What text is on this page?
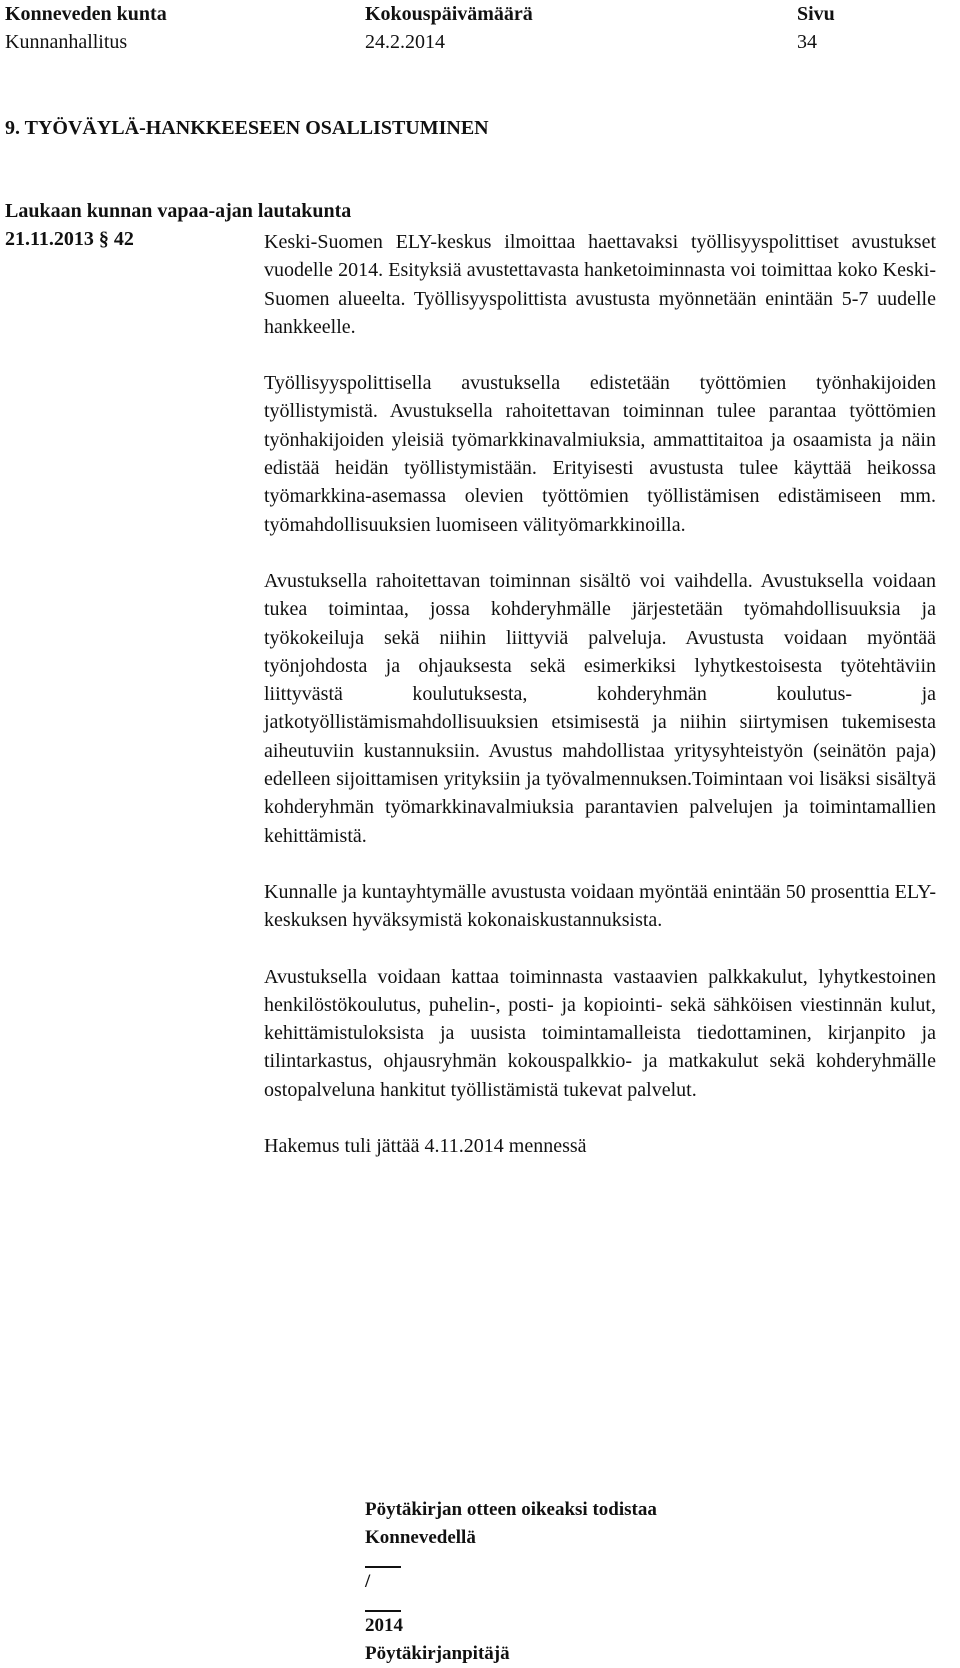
Konneveden kunta
Kunnanhallitus
Kokouspäivämäärä
24.2.2014
Sivu
34
9. TYÖVÄYLÄ-HANKKEESEEN OSALLISTUMINEN
Laukaan kunnan vapaa-ajan lautakunta
21.11.2013 § 42	Keski-Suomen ELY-keskus ilmoittaa haettavaksi työllisyyspolittiset avustukset vuodelle 2014. Esityksiä avustettavasta hanketoiminnasta voi toimittaa koko Keski-Suomen alueelta. Työllisyyspolittista avustusta myönnetään enintään 5-7 uudelle hankkeelle.

Työllisyyspolittisella avustuksella edistetään työttömien työnhakijoiden työllistymistä. Avustuksella rahoitettavan toiminnan tulee parantaa työttömien työnhakijoiden yleisiä työmarkkinavalmiuksia, ammattitaitoa ja osaamista ja näin edistää heidän työllistymistään. Erityisesti avustusta tulee käyttää heikossa työmarkkina-asemassa olevien työttömien työllistämisen edistämiseen mm. työmahdollisuuksien luomiseen välityömarkkinoilla.

Avustuksella rahoitettavan toiminnan sisältö voi vaihdella. Avustuksella voidaan tukea toimintaa, jossa kohderyhmälle järjestetään työmahdollisuuksia ja työkokeiluja sekä niihin liittyviä palveluja. Avustusta voidaan myöntää työnjohdosta ja ohjauksesta sekä esimerkiksi lyhytkestoisesta työtehtäviin liittyvästä koulutuksesta, kohderyhmän koulutus- ja jatkotyöllistämismahdollisuuksien etsimisestä ja niihin siirtymisen tukemisesta aiheutuviin kustannuksiin. Avustus mahdollistaa yritysyhteistyön (seinätön paja) edelleen sijoittamisen yrityksiin ja työvalmennuksen.Toimintaan voi lisäksi sisältyä kohderyhmän työmarkkinavalmiuksia parantavien palvelujen ja toimintamallien kehittämistä.

Kunnalle ja kuntayhtymälle avustusta voidaan myöntää enintään 50 prosenttia ELY-keskuksen hyväksymistä kokonaiskustannuksista.

Avustuksella voidaan kattaa toiminnasta vastaavien palkkakulut, lyhytkestoinen henkilöstökoulutus, puhelin-, posti- ja kopiointi- sekä sähköisen viestinnän kulut, kehittämistuloksista ja uusista toimintamalleista tiedottaminen, kirjanpito ja tilintarkastus, ohjausryhmän kokouspalkkio- ja matkakulut sekä kohderyhmälle ostopalveluna hankitut työllistämistä tukevat palvelut.

Hakemus tuli jättää 4.11.2014 mennessä

Pöytäkirjan otteen oikeaksi todistaa
Konnevedellä
/
2014
Pöytäkirjanpitäjä
